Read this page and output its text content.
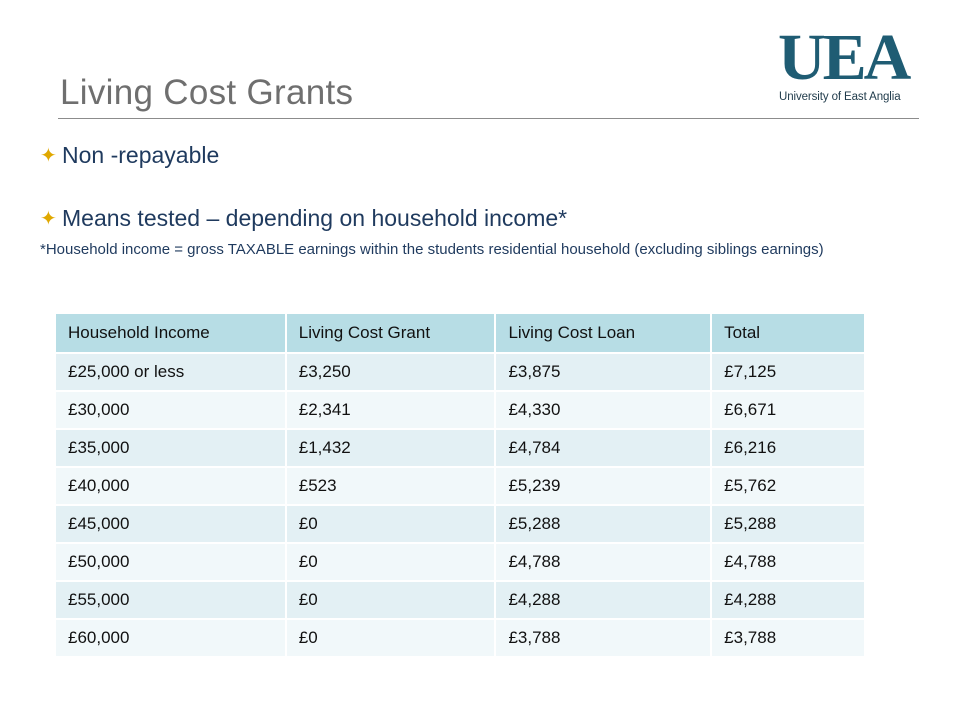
Living Cost Grants	UEA
University of East Anglia
✦ Non -repayable
✦ Means tested – depending on household income*
*Household income = gross TAXABLE earnings within the students residential household (excluding siblings earnings)
Household Income	Living Cost Grant	Living Cost Loan	Total
£25,000 or less	£3,250	£3,875	£7,125
£30,000	£2,341	£4,330	£6,671
£35,000	£1,432	£4,784	£6,216
£40,000	£523	£5,239	£5,762
£45,000	£0	£5,288	£5,288
£50,000	£0	£4,788	£4,788
£55,000	£0	£4,288	£4,288
£60,000	£0	£3,788	£3,788
